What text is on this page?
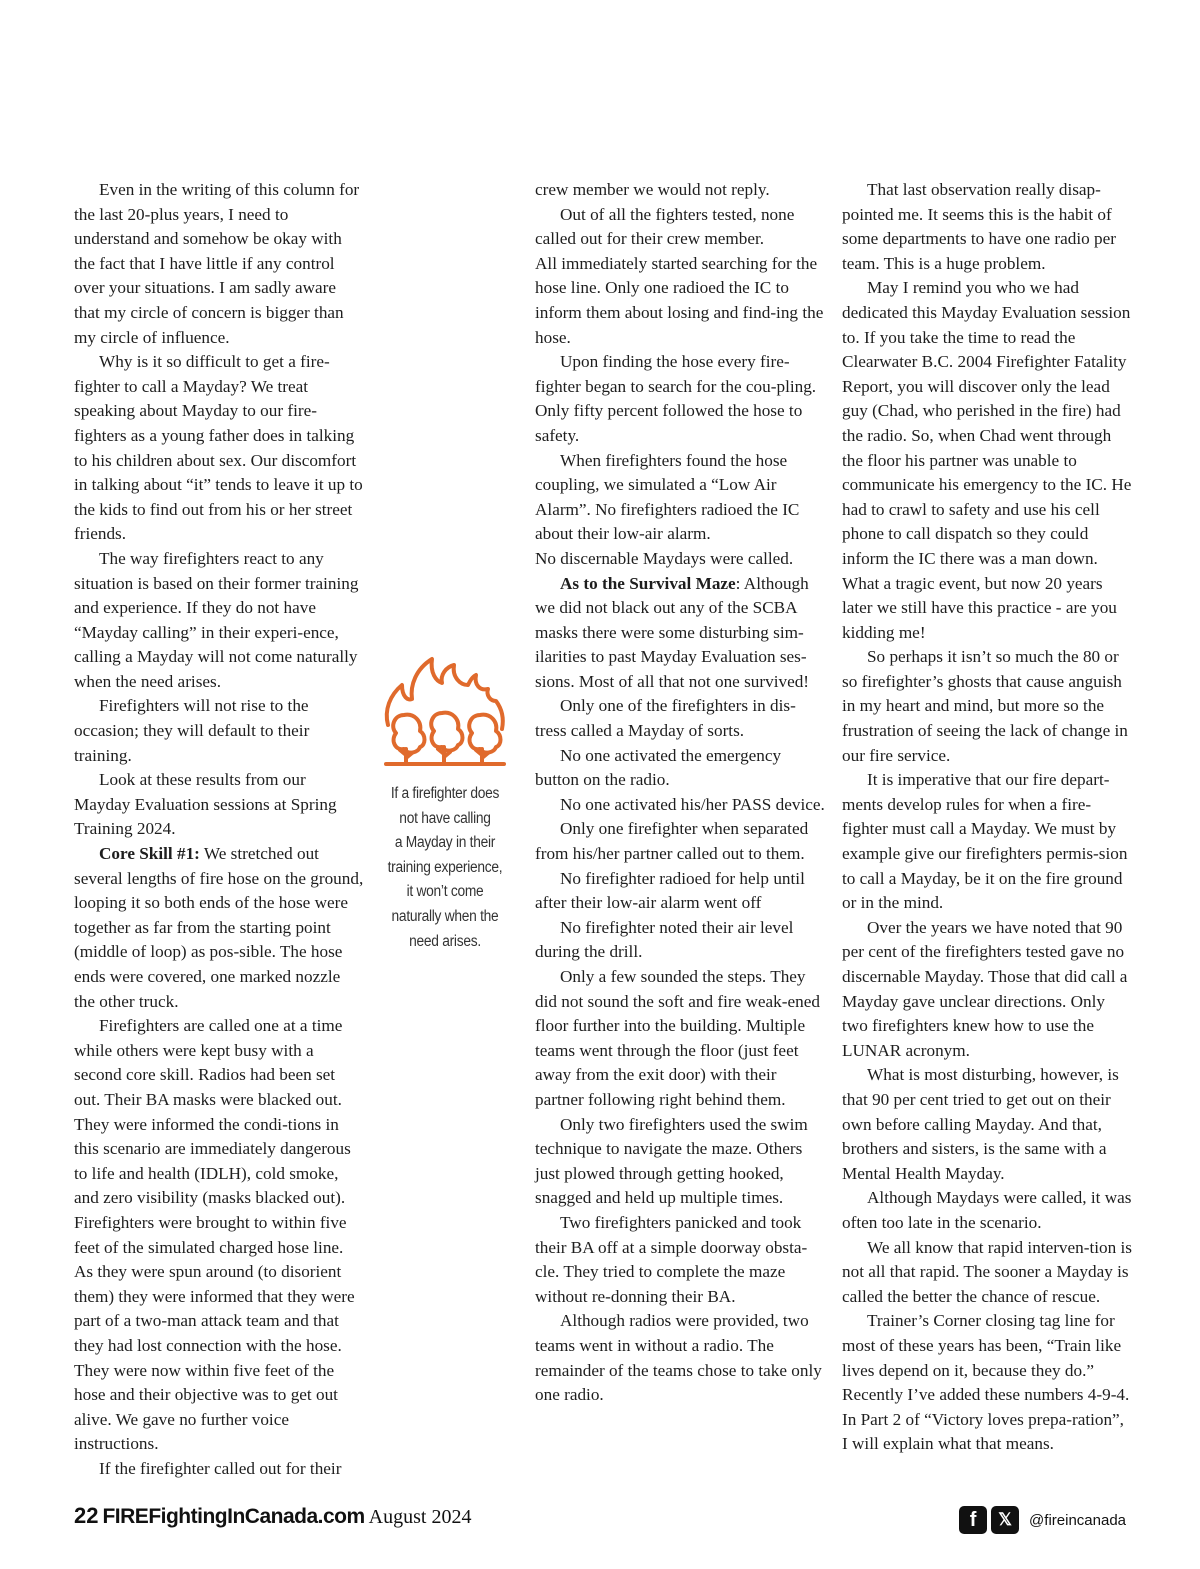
Even in the writing of this column for the last 20-plus years, I need to understand and somehow be okay with the fact that I have little if any control over your situations. I am sadly aware that my circle of concern is bigger than my circle of influence.

Why is it so difficult to get a fire-fighter to call a Mayday? We treat speaking about Mayday to our fire-fighters as a young father does in talking to his children about sex. Our discomfort in talking about “it” tends to leave it up to the kids to find out from his or her street friends.

The way firefighters react to any situation is based on their former training and experience. If they do not have “Mayday calling” in their experi-ence, calling a Mayday will not come naturally when the need arises.

Firefighters will not rise to the occasion; they will default to their training.

Look at these results from our Mayday Evaluation sessions at Spring Training 2024.

Core Skill #1: We stretched out several lengths of fire hose on the ground, looping it so both ends of the hose were together as far from the starting point (middle of loop) as pos-sible. The hose ends were covered, one marked nozzle the other truck.

Firefighters are called one at a time while others were kept busy with a second core skill. Radios had been set out. Their BA masks were blacked out. They were informed the condi-tions in this scenario are immediately dangerous to life and health (IDLH), cold smoke, and zero visibility (masks blacked out). Firefighters were brought to within five feet of the simulated charged hose line. As they were spun around (to disorient them) they were informed that they were part of a two-man attack team and that they had lost connection with the hose. They were now within five feet of the hose and their objective was to get out alive. We gave no further voice instructions.

If the firefighter called out for their

crew member we would not reply.

Out of all the fighters tested, none called out for their crew member.

All immediately started searching for the hose line. Only one radioed the IC to inform them about losing and find-ing the hose.

Upon finding the hose every fire-fighter began to search for the cou-pling. Only fifty percent followed the hose to safety.

When firefighters found the hose coupling, we simulated a “Low Air Alarm”. No firefighters radioed the IC about their low-air alarm.

No discernable Maydays were called.

As to the Survival Maze: Although we did not black out any of the SCBA masks there were some disturbing sim-ilarities to past Mayday Evaluation ses-sions. Most of all that not one survived!

Only one of the firefighters in dis-tress called a Mayday of sorts.

No one activated the emergency button on the radio.

No one activated his/her PASS device.

Only one firefighter when separated from his/her partner called out to them.

No firefighter radioed for help until after their low-air alarm went off

No firefighter noted their air level during the drill.

Only a few sounded the steps. They did not sound the soft and fire weak-ened floor further into the building. Multiple teams went through the floor (just feet away from the exit door) with their partner following right behind them.

Only two firefighters used the swim technique to navigate the maze. Others just plowed through getting hooked, snagged and held up multiple times.

Two firefighters panicked and took their BA off at a simple doorway obsta-cle. They tried to complete the maze without re-donning their BA.

Although radios were provided, two teams went in without a radio. The remainder of the teams chose to take only one radio.

That last observation really disap-pointed me. It seems this is the habit of some departments to have one radio per team. This is a huge problem.

May I remind you who we had dedicated this Mayday Evaluation session to. If you take the time to read the Clearwater B.C. 2004 Firefighter Fatality Report, you will discover only the lead guy (Chad, who perished in the fire) had the radio. So, when Chad went through the floor his partner was unable to communicate his emergency to the IC. He had to crawl to safety and use his cell phone to call dispatch so they could inform the IC there was a man down. What a tragic event, but now 20 years later we still have this practice - are you kidding me!

So perhaps it isn’t so much the 80 or so firefighter’s ghosts that cause anguish in my heart and mind, but more so the frustration of seeing the lack of change in our fire service.

It is imperative that our fire depart-ments develop rules for when a fire-fighter must call a Mayday. We must by example give our firefighters permis-sion to call a Mayday, be it on the fire ground or in the mind.

Over the years we have noted that 90 per cent of the firefighters tested gave no discernable Mayday. Those that did call a Mayday gave unclear directions. Only two firefighters knew how to use the LUNAR acronym.

What is most disturbing, however, is that 90 per cent tried to get out on their own before calling Mayday. And that, brothers and sisters, is the same with a Mental Health Mayday.

Although Maydays were called, it was often too late in the scenario.

We all know that rapid interven-tion is not all that rapid. The sooner a Mayday is called the better the chance of rescue.

Trainer’s Corner closing tag line for most of these years has been, “Train like lives depend on it, because they do.” Recently I’ve added these numbers 4-9-4. In Part 2 of “Victory loves prepa-ration”, I will explain what that means.

If a firefighter does
not have calling
a Mayday in their
training experience,
it won’t come
naturally when the
need arises.
22 FIREFightingInCanada.com August 2024	f	𝕏	@fireincanada
